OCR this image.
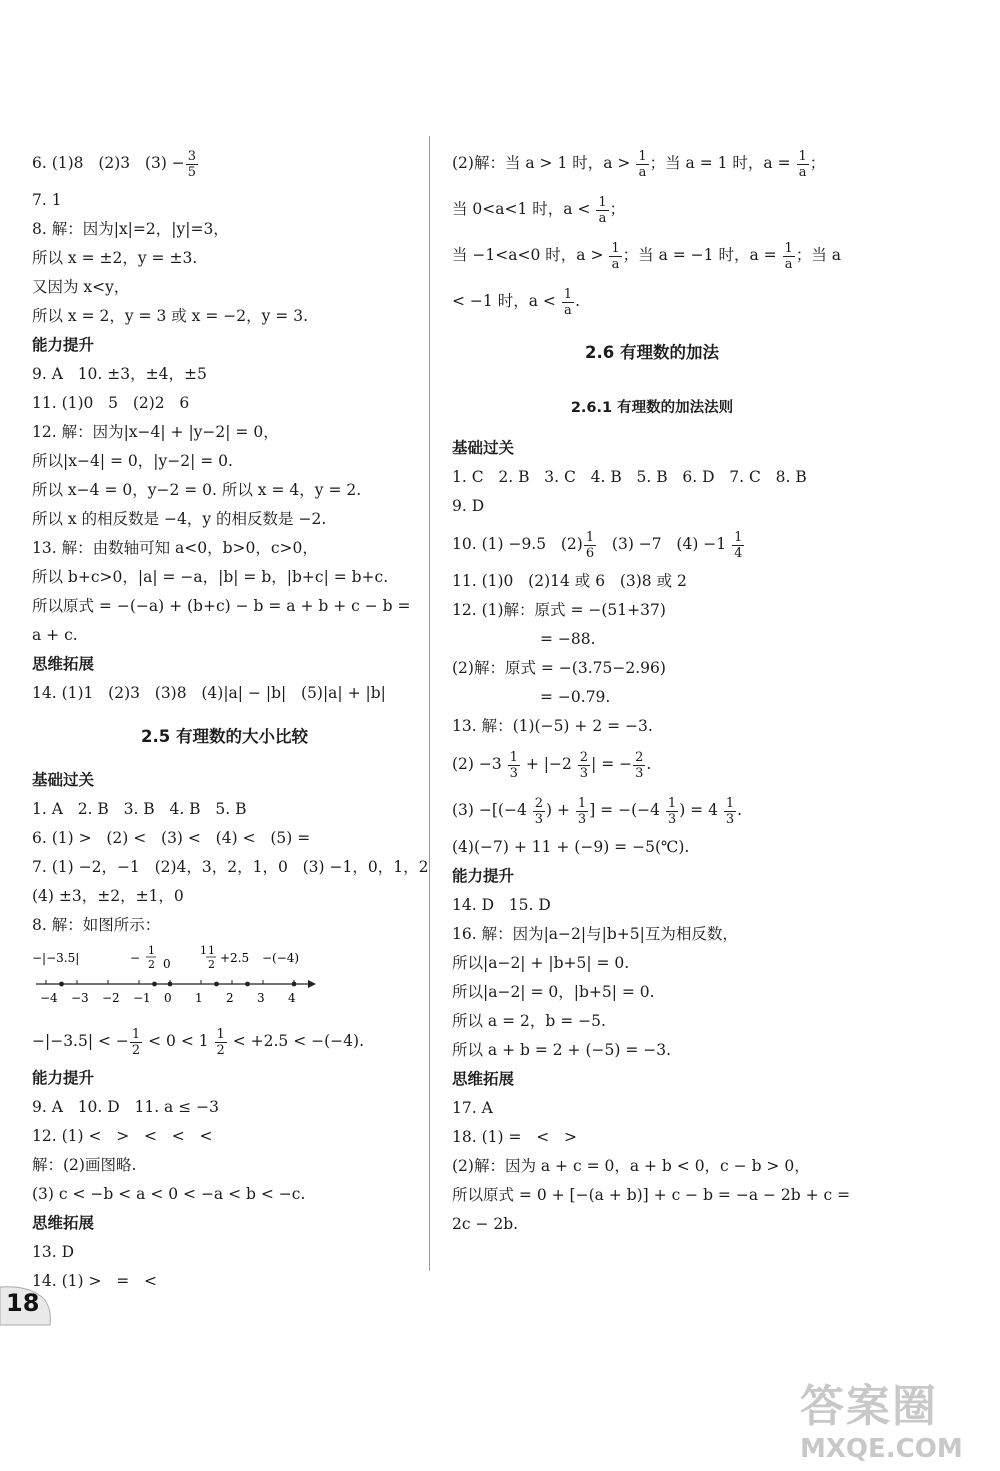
6. (1)8   (2)3   $(3) - \frac{3}{5}$
7. 1
8. 解：因为|x|=2，|y|=3，
所以 x = ±2，y = ±3.
又因为 x<y，
所以 x = 2，y = 3 或 x = −2，y = 3.
能力提升
9. A   10. ±3，±4，±5
11. (1)0   5   (2)2   6
12. 解：因为|x−4| + |y−2| = 0，
所以|x−4| = 0，|y−2| = 0.
所以 x−4 = 0，y−2 = 0. 所以 x = 4，y = 2.
所以 x 的相反数是 −4，y 的相反数是 −2.
13. 解：由数轴可知 a<0，b>0，c>0，
所以 b+c>0，|a| = −a，|b| = b，|b+c| = b+c.
所以原式 = −(−a) + (b+c) − b = a + b + c − b =
a + c.
思维拓展
14. (1)1   (2)3   (3)8   (4)|a| − |b|   (5)|a| + |b|
2.5 有理数的大小比较
基础过关
1. A   2. B   3. B   4. B   5. B
6. (1) >   (2) <   (3) <   (4) <   (5) =
7. (1) −2，−1   (2)4，3，2，1，0   (3) −1，0，1，2
(4) ±3，±2，±1，0
8. 解：如图所示：
−4 −3 −2 −1 0 1 2 3 4
−|−3.5|	−
1
2 0
1 1
2 +2.5 −(−4)
−|−3.5| < − $\frac{1}{2} < 0 < 1 \frac{1}{2} < +2.5 < -(-4)$.
能力提升
9. A   10. D   11. a ≤ −3
12. (1) <   >   <   <   <
解：(2)画图略.
(3) c < −b < a < 0 < −a < b < −c.
思维拓展
13. D
14. (1) >   =   <
(2)解：当 a > 1 时，$a > \frac{1}{a}$ ；当 a = 1 时，$a = \frac{1}{a}$ ；
当 0<a<1 时，$a < \frac{1}{a}$ ；
当 −1<a<0 时，$a > \frac{1}{a}$ ；当 a = −1 时，$a = \frac{1}{a}$ ；当 a
< −1 时，$a < \frac{1}{a}$ .
2.6 有理数的加法
2.6.1 有理数的加法法则
基础过关
1. C   2. B   3. C   4. B   5. B   6. D   7. C   8. B
9. D
10. (1) −9.5   $(2) \frac{1}{6} (3) -7$   $(4) -1 \frac{1}{4}$
11. (1)0   (2)14 或 6   (3)8 或 2
12. (1)解：原式 = −(51+37)
= −88.
(2)解：原式 = −(3.75−2.96)
= −0.79.
13. 解：(1)(−5) + 2 = −3.
$(2) -3 \frac{1}{3} + |-2 \frac{2}{3}$ | = − $\frac{2}{3}$ .
$(3) -[(-4 \frac{2}{3}$ ) + $\frac{1}{3}$ ] = $-(-4 \frac{1}{3}$ ) = $4 \frac{1}{3}$ .
(4)(−7) + 11 + (−9) = −5(℃).
能力提升
14. D   15. D
16. 解：因为|a−2|与|b+5|互为相反数，
所以|a−2| + |b+5| = 0.
所以|a−2| = 0，|b+5| = 0.
所以 a = 2，b = −5.
所以 a + b = 2 + (−5) = −3.
思维拓展
17. A
18. (1) =   <   >
(2)解：因为 a + c = 0，a + b < 0，c − b > 0，
所以原式 = 0 + [−(a + b)] + c − b = −a − 2b + c =
2c − 2b.
18
答案圈
MXQE.COM
